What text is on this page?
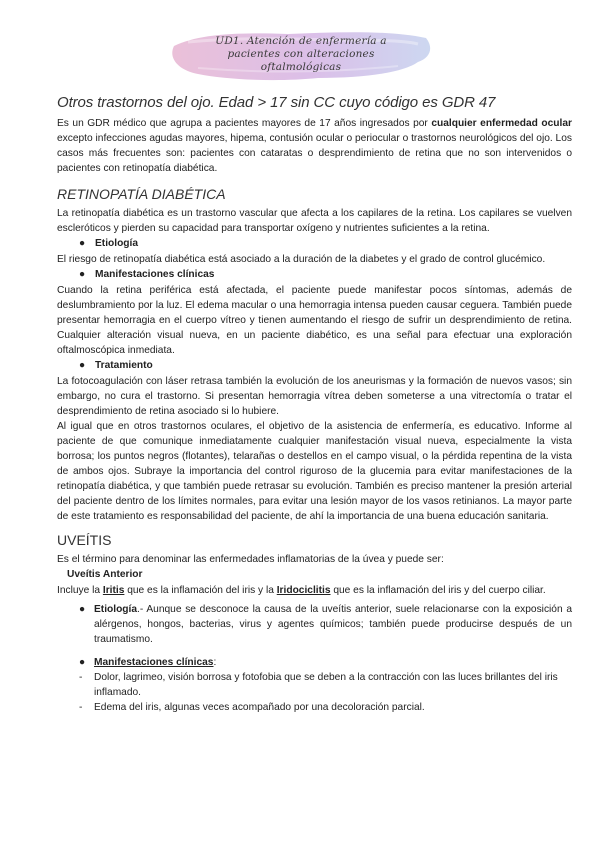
UD1. Atención de enfermería a
pacientes con alteraciones
oftalmológicas
Otros trastornos del ojo. Edad > 17 sin CC cuyo código es GDR 47

Es un GDR médico que agrupa a pacientes mayores de 17 años ingresados por cualquier enfermedad ocular excepto infecciones agudas mayores, hipema, contusión ocular o periocular o trastornos neurológicos del ojo. Los casos más frecuentes son: pacientes con cataratas o desprendimiento de retina que no son intervenidos o pacientes con retinopatía diabética.

RETINOPATÍA DIABÉTICA

La retinopatía diabética es un trastorno vascular que afecta a los capilares de la retina. Los capilares se vuelven escleróticos y pierden su capacidad para transportar oxígeno y nutrientes suficientes a la retina.

● Etiología

El riesgo de retinopatía diabética está asociado a la duración de la diabetes y el grado de control glucémico.

● Manifestaciones clínicas

Cuando la retina periférica está afectada, el paciente puede manifestar pocos síntomas, además de deslumbramiento por la luz. El edema macular o una hemorragia intensa pueden causar ceguera. También puede presentar hemorragia en el cuerpo vítreo y tienen aumentando el riesgo de sufrir un desprendimiento de retina. Cualquier alteración visual nueva, en un paciente diabético, es una señal para efectuar una exploración oftalmoscópica inmediata.

● Tratamiento

La fotocoagulación con láser retrasa también la evolución de los aneurismas y la formación de nuevos vasos; sin embargo, no cura el trastorno. Si presentan hemorragia vítrea deben someterse a una vitrectomía o tratar el desprendimiento de retina asociado si lo hubiere.

Al igual que en otros trastornos oculares, el objetivo de la asistencia de enfermería, es educativo. Informe al paciente de que comunique inmediatamente cualquier manifestación visual nueva, especialmente la vista borrosa; los puntos negros (flotantes), telarañas o destellos en el campo visual, o la pérdida repentina de la vista de ambos ojos. Subraye la importancia del control riguroso de la glucemia para evitar manifestaciones de la retinopatía diabética, y que también puede retrasar su evolución. También es preciso mantener la presión arterial del paciente dentro de los límites normales, para evitar una lesión mayor de los vasos retinianos. La mayor parte de este tratamiento es responsabilidad del paciente, de ahí la importancia de una buena educación sanitaria.

UVEÍTIS

Es el término para denominar las enfermedades inflamatorias de la úvea y puede ser:

Uveítis Anterior

Incluye la Iritis que es la inflamación del iris y la Iridociclitis que es la inflamación del iris y del cuerpo ciliar.

● Etiología.- Aunque se desconoce la causa de la uveítis anterior, suele relacionarse con la exposición a alérgenos, hongos, bacterias, virus y agentes químicos; también puede producirse después de un traumatismo.
● Manifestaciones clínicas:
- Dolor, lagrimeo, visión borrosa y fotofobia que se deben a la contracción con las luces brillantes del iris inflamado.
- Edema del iris, algunas veces acompañado por una decoloración parcial.
